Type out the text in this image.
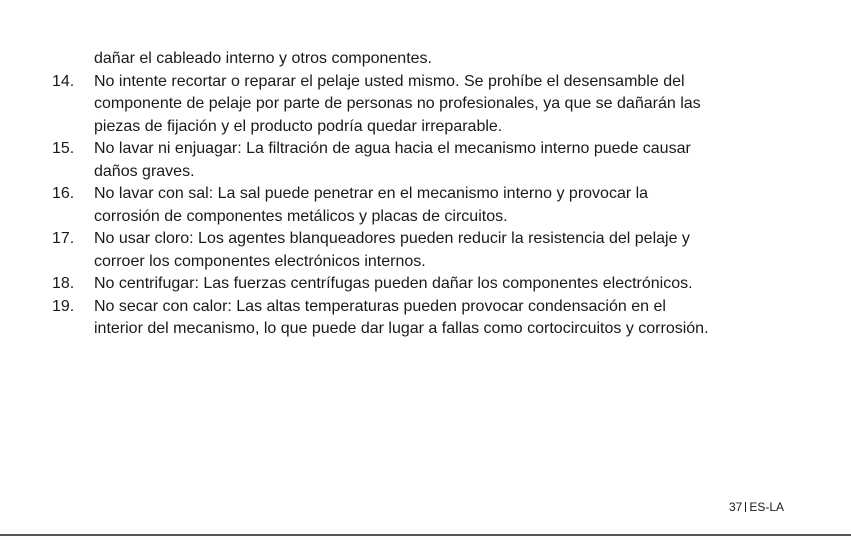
dañar el cableado interno y otros componentes.

14. No intente recortar o reparar el pelaje usted mismo. Se prohíbe el desensamble del
componente de pelaje por parte de personas no profesionales, ya que se dañarán las
piezas de fijación y el producto podría quedar irreparable.
15. No lavar ni enjuagar: La filtración de agua hacia el mecanismo interno puede causar
daños graves.
16. No lavar con sal: La sal puede penetrar en el mecanismo interno y provocar la
corrosión de componentes metálicos y placas de circuitos.
17. No usar cloro: Los agentes blanqueadores pueden reducir la resistencia del pelaje y
corroer los componentes electrónicos internos.
18. No centrifugar: Las fuerzas centrífugas pueden dañar los componentes electrónicos.
19. No secar con calor: Las altas temperaturas pueden provocar condensación en el
interior del mecanismo, lo que puede dar lugar a fallas como cortocircuitos y corrosión.
37 ES-LA
